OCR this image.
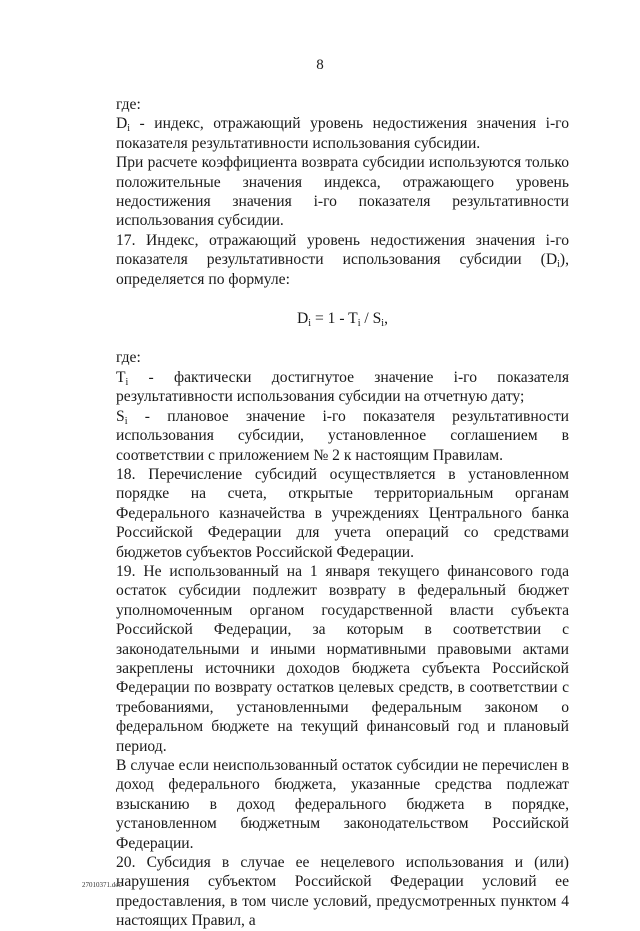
8

где:

$D_i$ - индекс, отражающий уровень недостижения значения i-го показателя результативности использования субсидии.

При расчете коэффициента возврата субсидии используются только положительные значения индекса, отражающего уровень недостижения значения i-го показателя результативности использования субсидии.

17. Индекс, отражающий уровень недостижения значения i-го показателя результативности использования субсидии $(D_i)$, определяется по формуле:

$D_i = 1 - T_i / S_i$,

где:

$T_i$ - фактически достигнутое значение i-го показателя результативности использования субсидии на отчетную дату;

$S_i$ - плановое значение i-го показателя результативности использования субсидии, установленное соглашением в соответствии с приложением № 2 к настоящим Правилам.

18. Перечисление субсидий осуществляется в установленном порядке на счета, открытые территориальным органам Федерального казначейства в учреждениях Центрального банка Российской Федерации для учета операций со средствами бюджетов субъектов Российской Федерации.

19. Не использованный на 1 января текущего финансового года остаток субсидии подлежит возврату в федеральный бюджет уполномоченным органом государственной власти субъекта Российской Федерации, за которым в соответствии с законодательными и иными нормативными правовыми актами закреплены источники доходов бюджета субъекта Российской Федерации по возврату остатков целевых средств, в соответствии с требованиями, установленными федеральным законом о федеральном бюджете на текущий финансовый год и плановый период.

В случае если неиспользованный остаток субсидии не перечислен в доход федерального бюджета, указанные средства подлежат взысканию в доход федерального бюджета в порядке, установленном бюджетным законодательством Российской Федерации.

20. Субсидия в случае ее нецелевого использования и (или) нарушения субъектом Российской Федерации условий ее предоставления, в том числе условий, предусмотренных пунктом 4 настоящих Правил, а

27010371.doc
